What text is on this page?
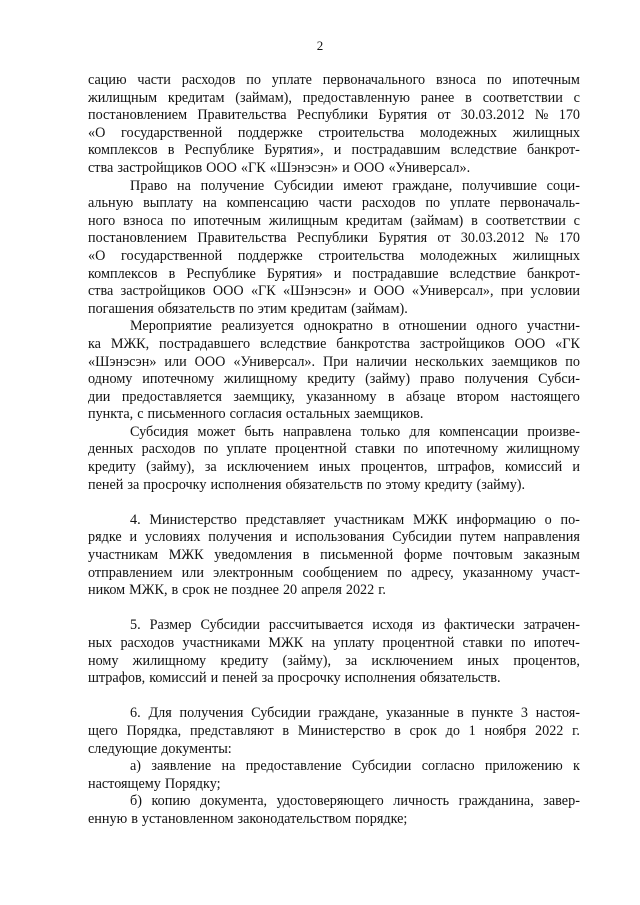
2
сацию части расходов по уплате первоначального взноса по ипотечным
жилищным кредитам (займам), предоставленную ранее в соответствии с
постановлением Правительства Республики Бурятия от 30.03.2012 № 170
«О государственной поддержке строительства молодежных жилищных
комплексов в Республике Бурятия», и пострадавшим вследствие банкрот-
ства застройщиков ООО «ГК «Шэнэсэн» и ООО «Универсал».
Право на получение Субсидии имеют граждане, получившие соци-
альную выплату на компенсацию части расходов по уплате первоначаль-
ного взноса по ипотечным жилищным кредитам (займам) в соответствии с
постановлением Правительства Республики Бурятия от 30.03.2012 № 170
«О государственной поддержке строительства молодежных жилищных
комплексов в Республике Бурятия» и пострадавшие вследствие банкрот-
ства застройщиков ООО «ГК «Шэнэсэн» и ООО «Универсал», при условии
погашения обязательств по этим кредитам (займам).
Мероприятие реализуется однократно в отношении одного участни-
ка МЖК, пострадавшего вследствие банкротства застройщиков ООО «ГК
«Шэнэсэн» или ООО «Универсал». При наличии нескольких заемщиков по
одному ипотечному жилищному кредиту (займу) право получения Субси-
дии предоставляется заемщику, указанному в абзаце втором настоящего
пункта, с письменного согласия остальных заемщиков.
Субсидия может быть направлена только для компенсации произве-
денных расходов по уплате процентной ставки по ипотечному жилищному
кредиту (займу), за исключением иных процентов, штрафов, комиссий и
пеней за просрочку исполнения обязательств по этому кредиту (займу).
4. Министерство представляет участникам МЖК информацию о по-
рядке и условиях получения и использования Субсидии путем направления
участникам МЖК уведомления в письменной форме почтовым заказным
отправлением или электронным сообщением по адресу, указанному участ-
ником МЖК, в срок не позднее 20 апреля 2022 г.
5. Размер Субсидии рассчитывается исходя из фактически затрачен-
ных расходов участниками МЖК на уплату процентной ставки по ипотеч-
ному жилищному кредиту (займу), за исключением иных процентов,
штрафов, комиссий и пеней за просрочку исполнения обязательств.
6. Для получения Субсидии граждане, указанные в пункте 3 настоя-
щего Порядка, представляют в Министерство в срок до 1 ноября 2022 г.
следующие документы:
а) заявление на предоставление Субсидии согласно приложению к
настоящему Порядку;
б) копию документа, удостоверяющего личность гражданина, завер-
енную в установленном законодательством порядке;
